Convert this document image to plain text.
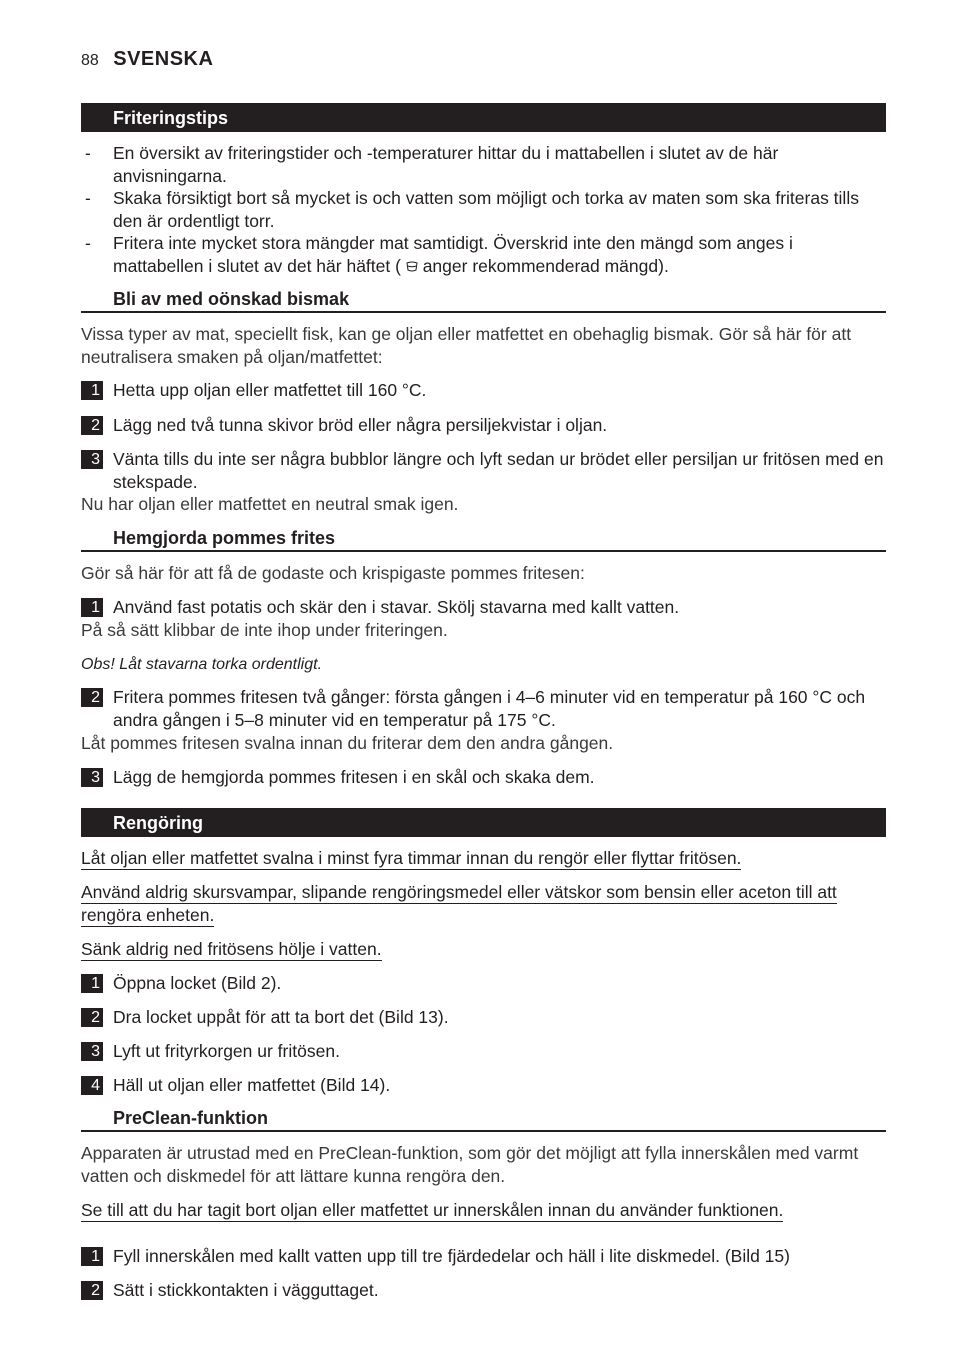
88 SVENSKA
Friteringstips
- En översikt av friteringstider och -temperaturer hittar du i mattabellen i slutet av de här anvisningarna.
- Skaka försiktigt bort så mycket is och vatten som möjligt och torka av maten som ska friteras tills den är ordentligt torr.
- Fritera inte mycket stora mängder mat samtidigt. Överskrid inte den mängd som anges i mattabellen i slutet av det här häftet ( anger rekommenderad mängd).
Bli av med oönskad bismak
Vissa typer av mat, speciellt fisk, kan ge oljan eller matfettet en obehaglig bismak. Gör så här för att neutralisera smaken på oljan/matfettet:
1 Hetta upp oljan eller matfettet till 160 °C.
2 Lägg ned två tunna skivor bröd eller några persiljekvistar i oljan.
3 Vänta tills du inte ser några bubblor längre och lyft sedan ur brödet eller persiljan ur fritösen med en stekspade.
Nu har oljan eller matfettet en neutral smak igen.
Hemgjorda pommes frites
Gör så här för att få de godaste och krispigaste pommes fritesen:
1 Använd fast potatis och skär den i stavar. Skölj stavarna med kallt vatten.
På så sätt klibbar de inte ihop under friteringen.
Obs! Låt stavarna torka ordentligt.
2 Fritera pommes fritesen två gånger: första gången i 4–6 minuter vid en temperatur på 160 °C och andra gången i 5–8 minuter vid en temperatur på 175 °C.
Låt pommes fritesen svalna innan du friterar dem den andra gången.
3 Lägg de hemgjorda pommes fritesen i en skål och skaka dem.
Rengöring
Låt oljan eller matfettet svalna i minst fyra timmar innan du rengör eller flyttar fritösen.
Använd aldrig skursvampar, slipande rengöringsmedel eller vätskor som bensin eller aceton till att rengöra enheten.
Sänk aldrig ned fritösens hölje i vatten.
1 Öppna locket (Bild 2).
2 Dra locket uppåt för att ta bort det (Bild 13).
3 Lyft ut frityrkorgen ur fritösen.
4 Häll ut oljan eller matfettet (Bild 14).
PreClean-funktion
Apparaten är utrustad med en PreClean-funktion, som gör det möjligt att fylla innerskålen med varmt vatten och diskmedel för att lättare kunna rengöra den.
Se till att du har tagit bort oljan eller matfettet ur innerskålen innan du använder funktionen.
1 Fyll innerskålen med kallt vatten upp till tre fjärdedelar och häll i lite diskmedel. (Bild 15)
2 Sätt i stickkontakten i vägguttaget.
